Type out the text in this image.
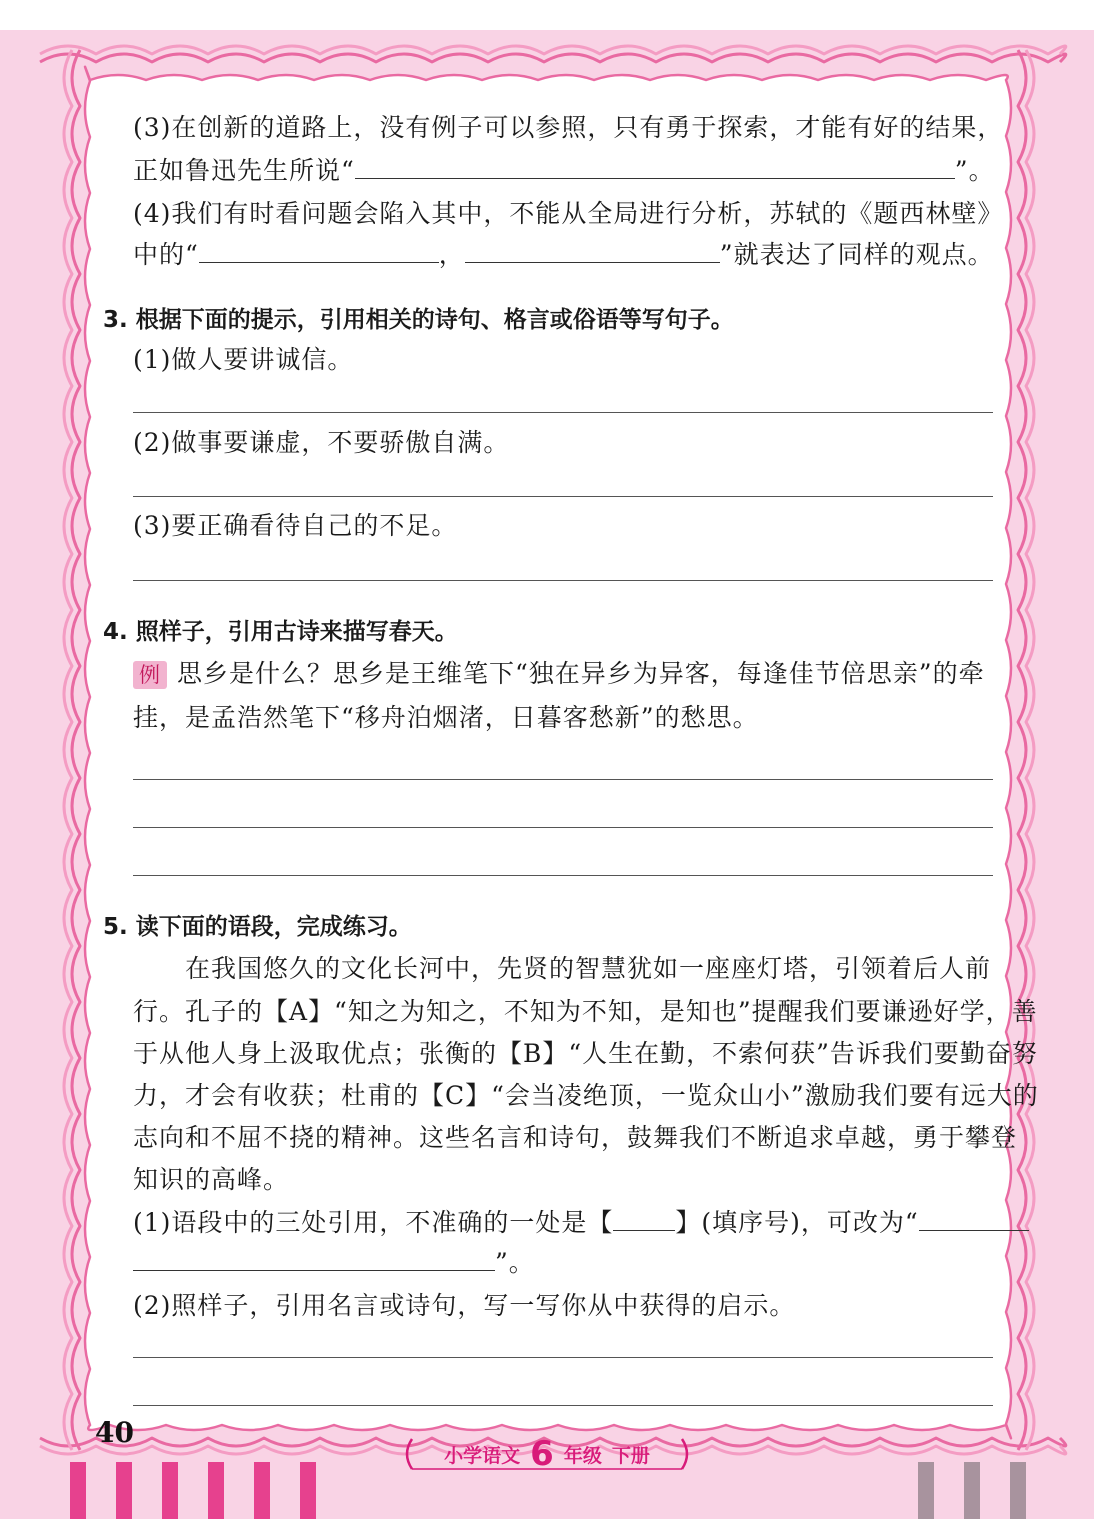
(3)在创新的道路上，没有例子可以参照，只有勇于探索，才能有好的结果，
正如鲁迅先生所说“	”。
(4)我们有时看问题会陷入其中，不能从全局进行分析，苏轼的《题西林壁》
中的“	，	”就表达了同样的观点。
3. 根据下面的提示，引用相关的诗句、格言或俗语等写句子。
(1)做人要讲诚信。
(2)做事要谦虚，不要骄傲自满。
(3)要正确看待自己的不足。
4. 照样子，引用古诗来描写春天。
例 思乡是什么？思乡是王维笔下“独在异乡为异客，每逢佳节倍思亲”的牵
挂，是孟浩然笔下“移舟泊烟渚，日暮客愁新”的愁思。
5. 读下面的语段，完成练习。
在我国悠久的文化长河中，先贤的智慧犹如一座座灯塔，引领着后人前
行。孔子的【A】“知之为知之，不知为不知，是知也”提醒我们要谦逊好学，善
于从他人身上汲取优点；张衡的【B】“人生在勤，不索何获”告诉我们要勤奋努
力，才会有收获；杜甫的【C】“会当凌绝顶，一览众山小”激励我们要有远大的
志向和不屈不挠的精神。这些名言和诗句，鼓舞我们不断追求卓越，勇于攀登
知识的高峰。
(1)语段中的三处引用，不准确的一处是【 】(填序号)，可改为“
”。
(2)照样子，引用名言或诗句，写一写你从中获得的启示。
40
小学语文 6 年级 下册
